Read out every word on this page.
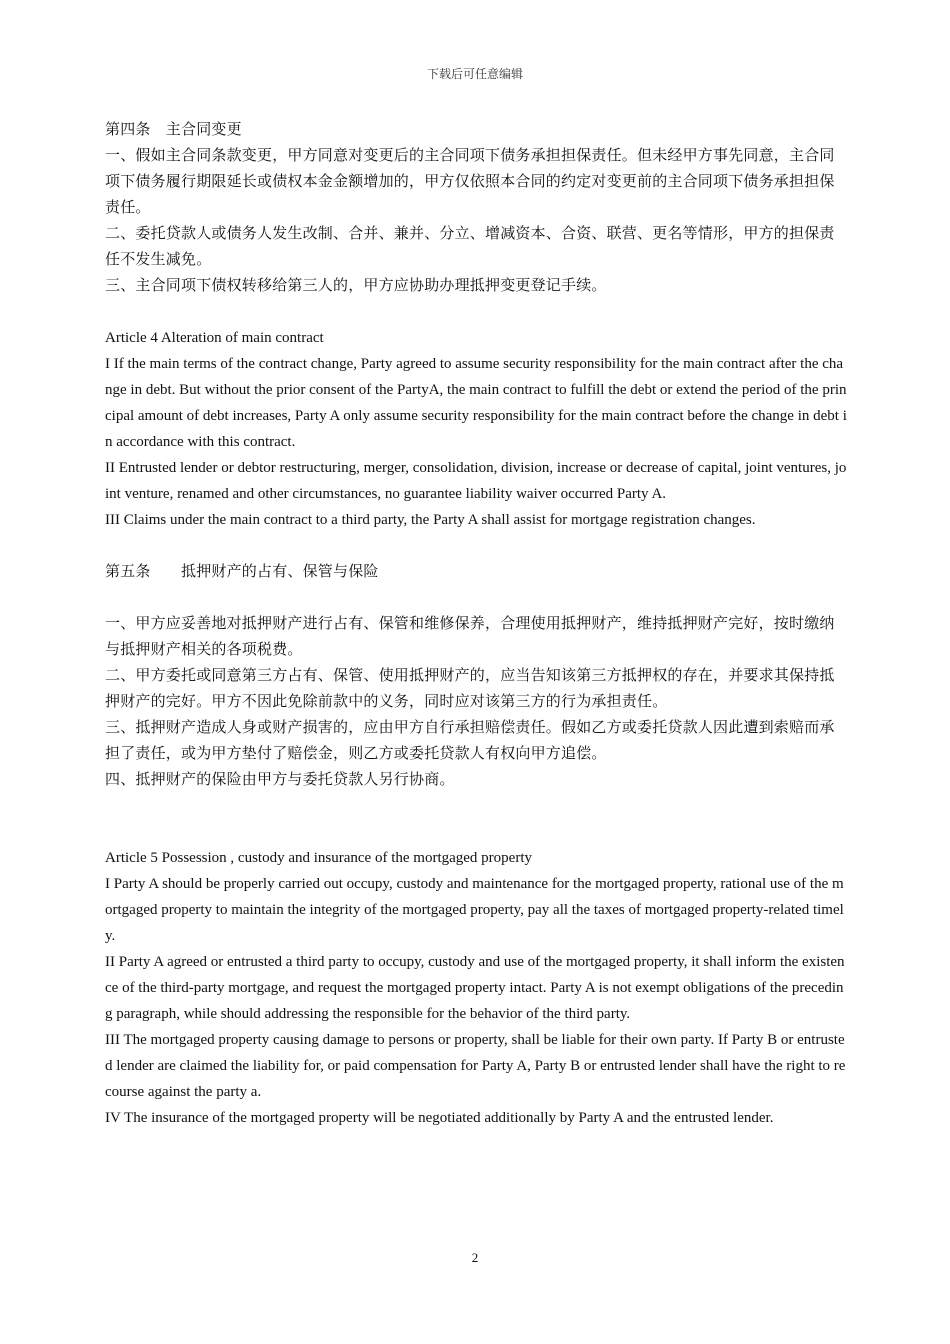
下载后可任意编辑

第四条　主合同变更

一、假如主合同条款变更，甲方同意对变更后的主合同项下债务承担担保责任。但未经甲方事先同意，主合同项下债务履行期限延长或债权本金金额增加的，甲方仅依照本合同的约定对变更前的主合同项下债务承担担保责任。

二、委托贷款人或债务人发生改制、合并、兼并、分立、增减资本、合资、联营、更名等情形，甲方的担保责任不发生减免。

三、主合同项下债权转移给第三人的，甲方应协助办理抵押变更登记手续。

Article 4 Alteration of main contract

I If the main terms of the contract change, Party agreed to assume security responsibility for the main contract after the change in debt. But without the prior consent of the PartyA, the main contract to fulfill the debt or extend the period of the principal amount of debt increases, Party A only assume security responsibility for the main contract before the change in debt in accordance with this contract.

II Entrusted lender or debtor restructuring, merger, consolidation, division, increase or decrease of capital, joint ventures, joint venture, renamed and other circumstances, no guarantee liability waiver occurred Party A.

III Claims under the main contract to a third party, the Party A shall assist for mortgage registration changes.

第五条　　抵押财产的占有、保管与保险

一、甲方应妥善地对抵押财产进行占有、保管和维修保养，合理使用抵押财产，维持抵押财产完好，按时缴纳与抵押财产相关的各项税费。

二、甲方委托或同意第三方占有、保管、使用抵押财产的，应当告知该第三方抵押权的存在，并要求其保持抵押财产的完好。甲方不因此免除前款中的义务，同时应对该第三方的行为承担责任。

三、抵押财产造成人身或财产损害的，应由甲方自行承担赔偿责任。假如乙方或委托贷款人因此遭到索赔而承担了责任，或为甲方垫付了赔偿金，则乙方或委托贷款人有权向甲方追偿。

四、抵押财产的保险由甲方与委托贷款人另行协商。

Article 5 Possession , custody and insurance of the mortgaged property

I Party A should be properly carried out occupy, custody and maintenance for the mortgaged property, rational use of the mortgaged property to maintain the integrity of the mortgaged property, pay all the taxes of mortgaged property-related timely.

II Party A agreed or entrusted a third party to occupy, custody and use of the mortgaged property, it shall inform the existence of the third-party mortgage, and request the mortgaged property intact. Party A is not exempt obligations of the preceding paragraph, while should addressing the responsible for the behavior of the third party.

III The mortgaged property causing damage to persons or property, shall be liable for their own party. If Party B or entrusted lender are claimed the liability for, or paid compensation for Party A, Party B or entrusted lender shall have the right to recourse against the party a.

IV The insurance of the mortgaged property will be negotiated additionally by Party A and the entrusted lender.

2
